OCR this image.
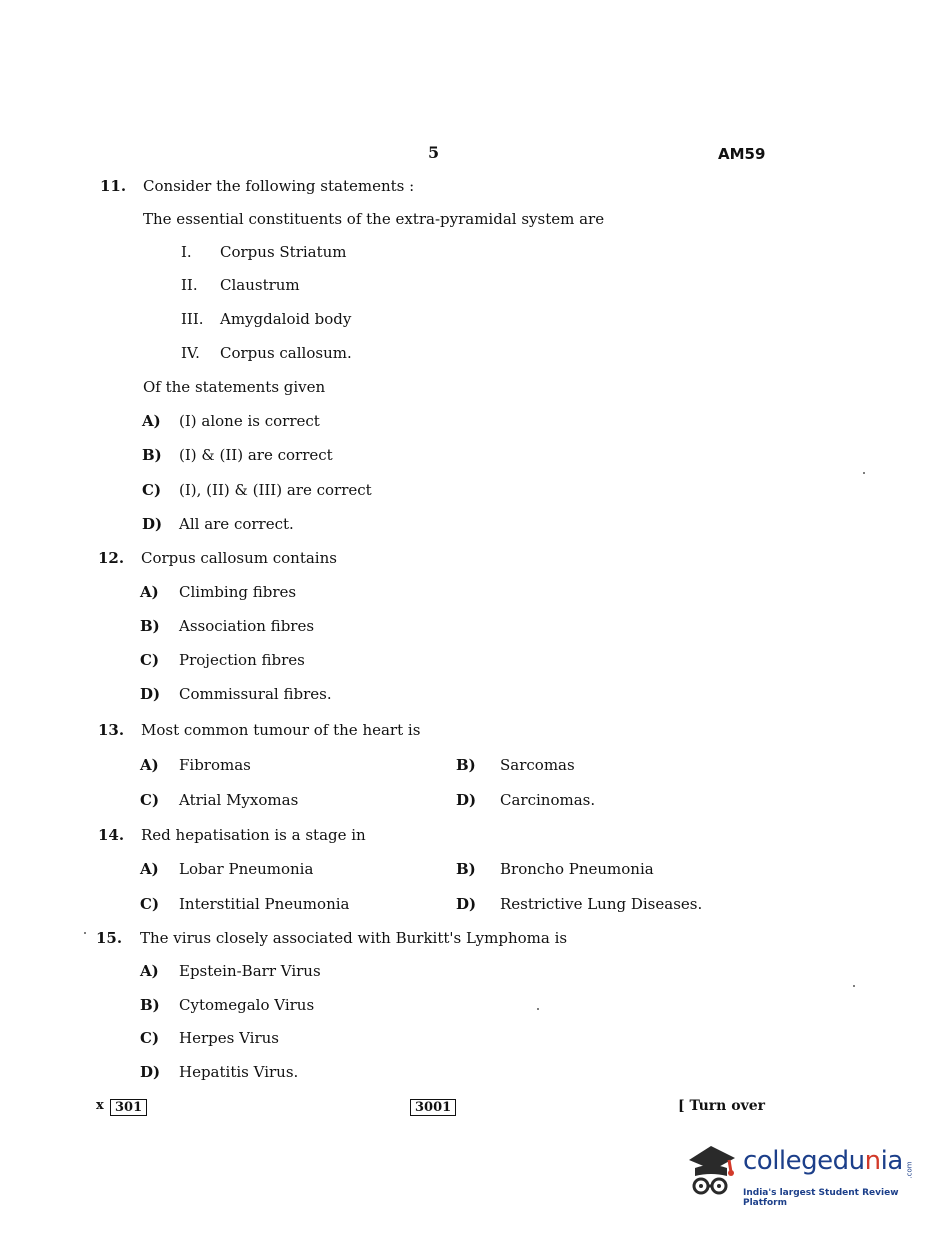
5	AM59
11. Consider the following statements :
The essential constituents of the extra-pyramidal system are
I. Corpus Striatum
II. Claustrum
III. Amygdaloid body
IV. Corpus callosum.
Of the statements given
A) (I) alone is correct
B) (I) & (II) are correct
C) (I), (II) & (III) are correct
D) All are correct.
12. Corpus callosum contains
A) Climbing fibres
B) Association fibres
C) Projection fibres
D) Commissural fibres.
13. Most common tumour of the heart is
A) Fibromas	B) Sarcomas
C) Atrial Myxomas	D) Carcinomas.
14. Red hepatisation is a stage in
A) Lobar Pneumonia	B) Broncho Pneumonia
C) Interstitial Pneumonia	D) Restrictive Lung Diseases.
15. The virus closely associated with Burkitt's Lymphoma is
A) Epstein-Barr Virus
B) Cytomegalo Virus
C) Herpes Virus
D) Hepatitis Virus.
x 301	3001	[ Turn over
collegedunia .com
India's largest Student Review Platform
